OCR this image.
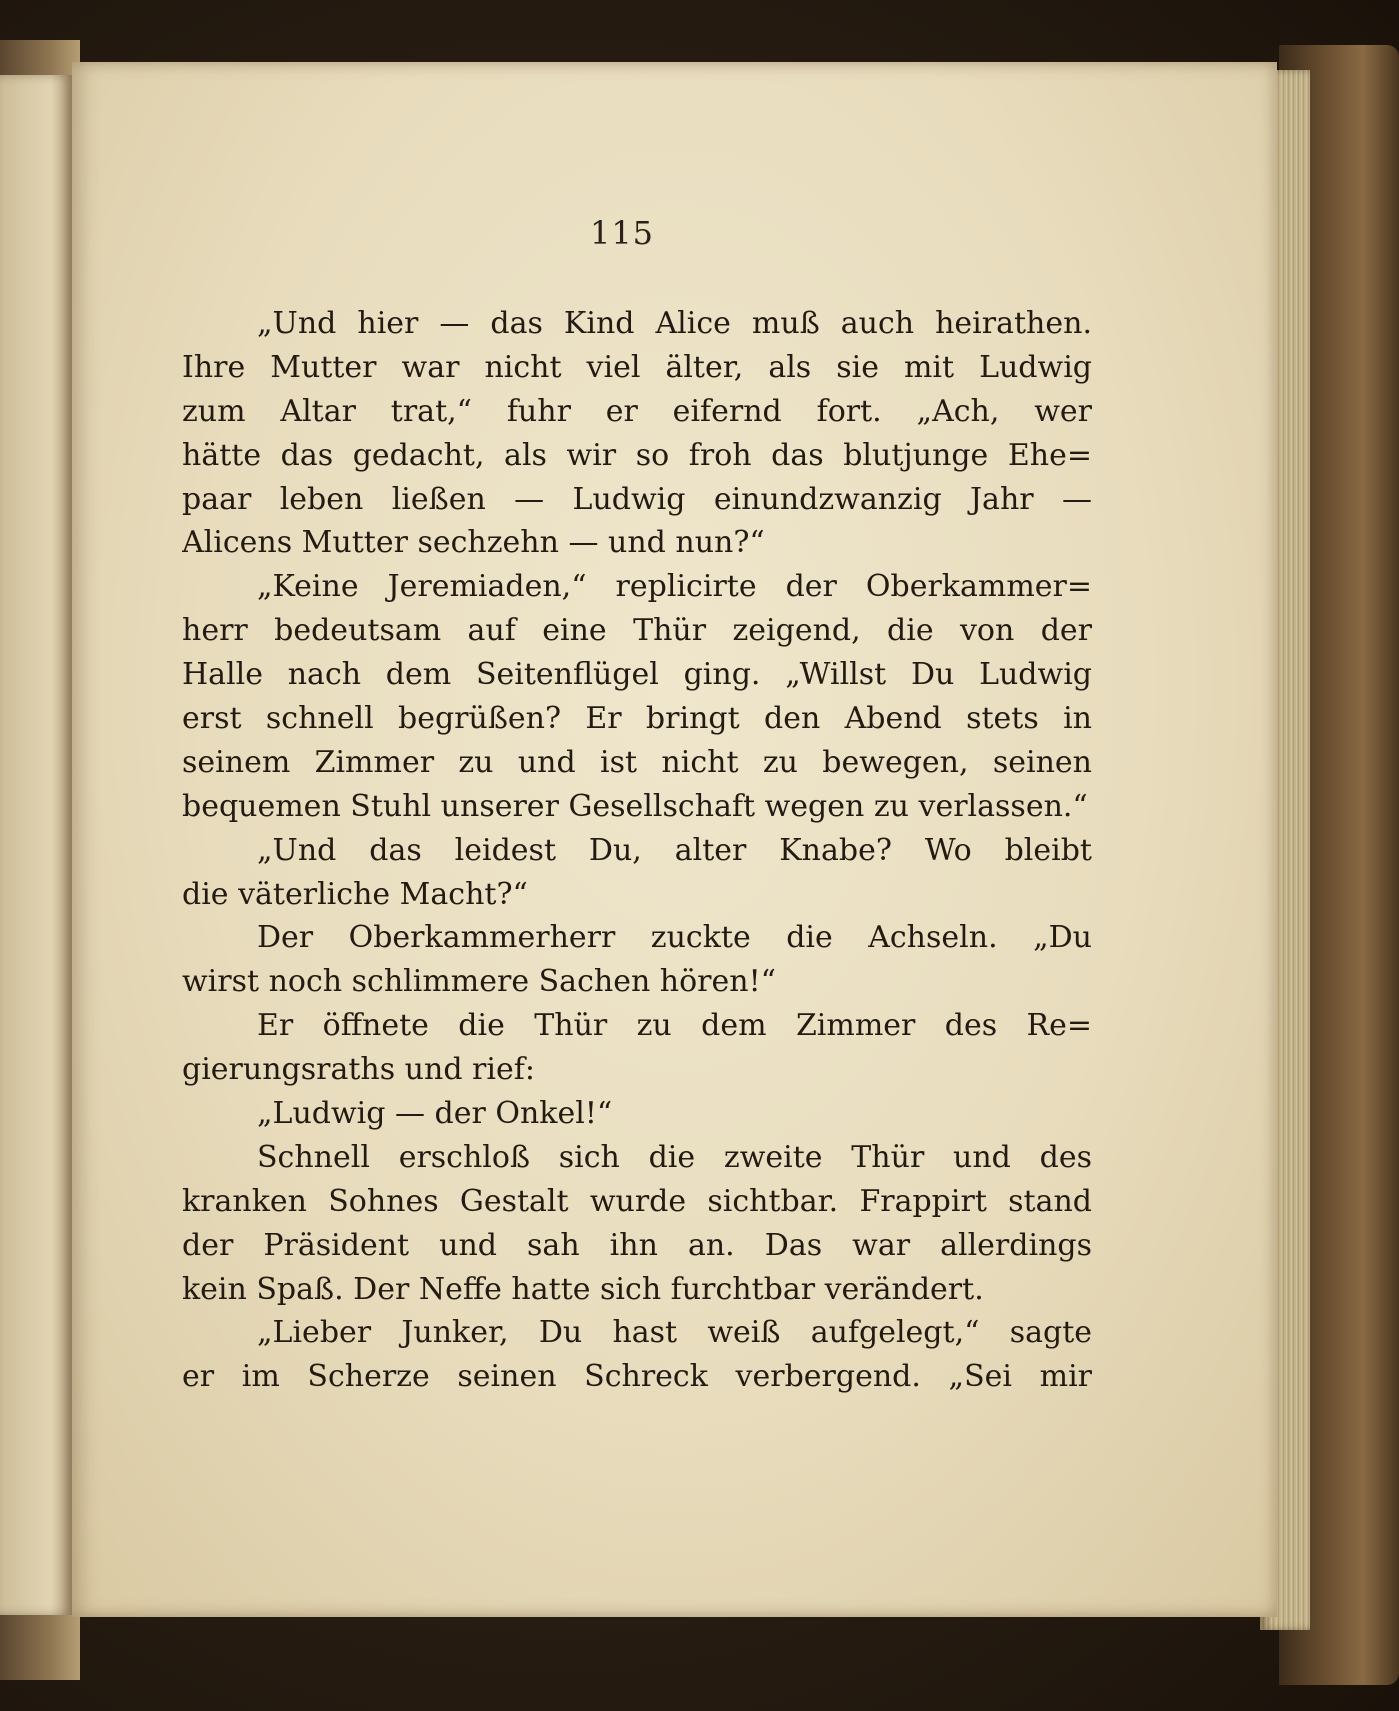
115
„Und hier — das Kind Alice muß auch heirathen.
Ihre Mutter war nicht viel älter, als sie mit Ludwig
zum Altar trat,“ fuhr er eifernd fort. „Ach, wer
hätte das gedacht, als wir so froh das blutjunge Ehe=
paar leben ließen — Ludwig einundzwanzig Jahr —
Alicens Mutter sechzehn — und nun?“
„Keine Jeremiaden,“ replicirte der Oberkammer=
herr bedeutsam auf eine Thür zeigend, die von der
Halle nach dem Seitenflügel ging. „Willst Du Ludwig
erst schnell begrüßen? Er bringt den Abend stets in
seinem Zimmer zu und ist nicht zu bewegen, seinen
bequemen Stuhl unserer Gesellschaft wegen zu verlassen.“
„Und das leidest Du, alter Knabe? Wo bleibt
die väterliche Macht?“
Der Oberkammerherr zuckte die Achseln. „Du
wirst noch schlimmere Sachen hören!“
Er öffnete die Thür zu dem Zimmer des Re=
gierungsraths und rief:
„Ludwig — der Onkel!“
Schnell erschloß sich die zweite Thür und des
kranken Sohnes Gestalt wurde sichtbar. Frappirt stand
der Präsident und sah ihn an. Das war allerdings
kein Spaß. Der Neffe hatte sich furchtbar verändert.
„Lieber Junker, Du hast weiß aufgelegt,“ sagte
er im Scherze seinen Schreck verbergend. „Sei mir
